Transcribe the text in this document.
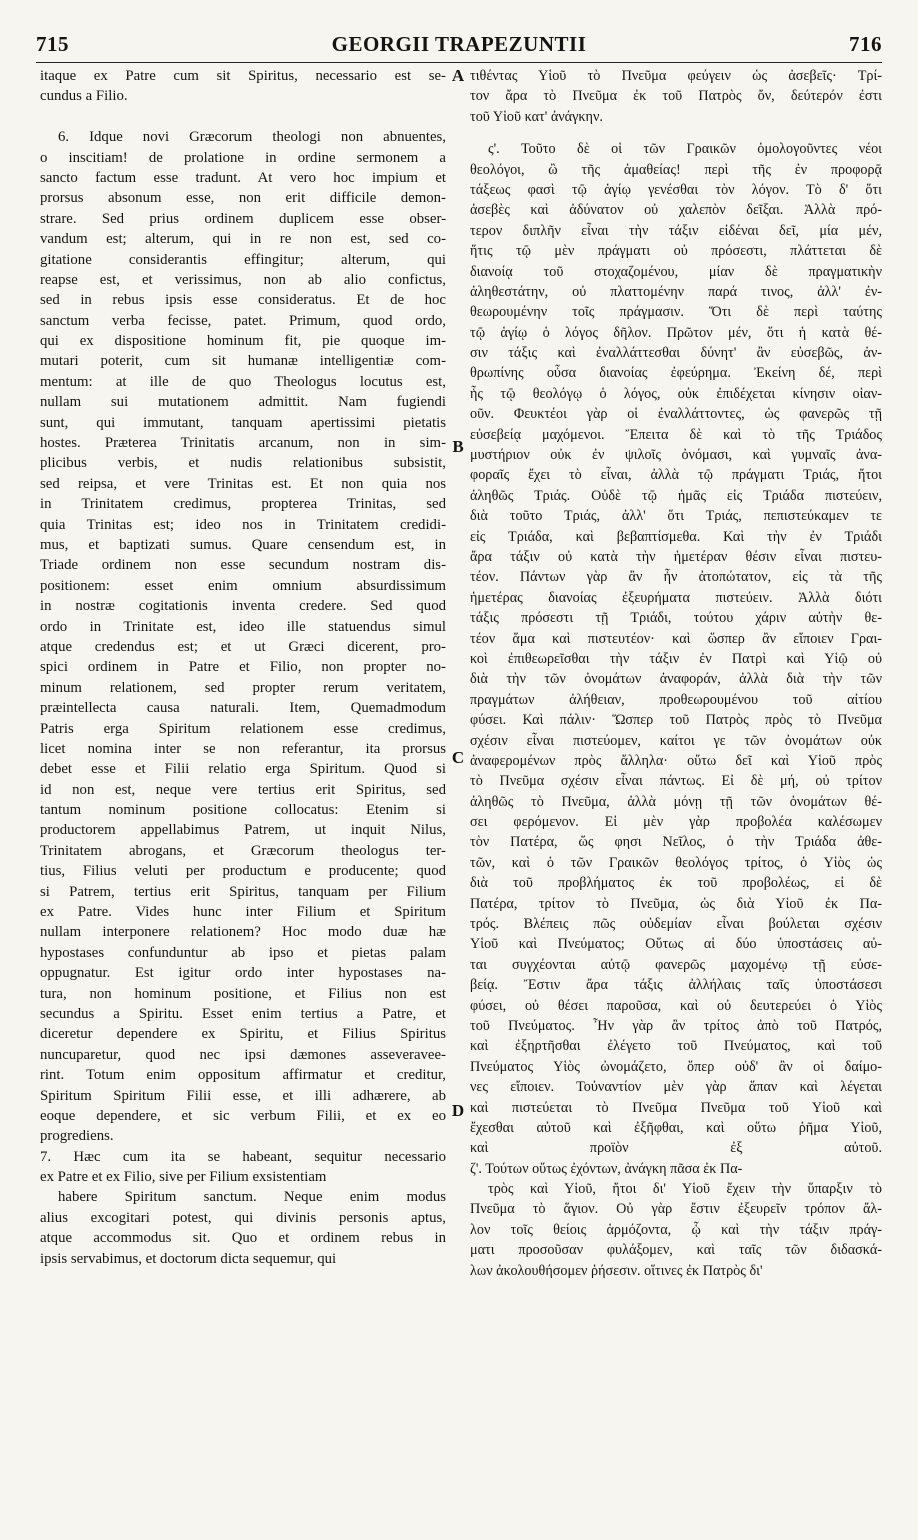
715	GEORGII TRAPEZUNTII	716
A
B
C
D
itaque ex Patre cum sit Spiritus, necessario est se-
cundus a Filio.
6. Idque novi Græcorum theologi non abnuentes,
o inscitiam! de prolatione in ordine sermonem a
sancto factum esse tradunt. At vero hoc impium et
prorsus absonum esse, non erit difficile demon-
strare. Sed prius ordinem duplicem esse obser-
vandum est; alterum, qui in re non est, sed co-
gitatione considerantis effingitur; alterum, qui
reapse est, et verissimus, non ab alio confictus,
sed in rebus ipsis esse consideratus. Et de hoc
sanctum verba fecisse, patet. Primum, quod ordo,
qui ex dispositione hominum fit, pie quoque im-
mutari poterit, cum sit humanæ intelligentiæ com-
mentum: at ille de quo Theologus locutus est,
nullam sui mutationem admittit. Nam fugiendi
sunt, qui immutant, tanquam apertissimi pietatis
hostes. Præterea Trinitatis arcanum, non in sim-
plicibus verbis, et nudis relationibus subsistit,
sed reipsa, et vere Trinitas est. Et non quia nos
in Trinitatem credimus, propterea Trinitas, sed
quia Trinitas est; ideo nos in Trinitatem credidi-
mus, et baptizati sumus. Quare censendum est, in
Triade ordinem non esse secundum nostram dis-
positionem: esset enim omnium absurdissimum
in nostræ cogitationis inventa credere. Sed quod
ordo in Trinitate est, ideo ille statuendus simul
atque credendus est; et ut Græci dicerent, pro-
spici ordinem in Patre et Filio, non propter no-
minum relationem, sed propter rerum veritatem,
præintellecta causa naturali. Item, Quemadmodum
Patris erga Spiritum relationem esse credimus,
licet nomina inter se non referantur, ita prorsus
debet esse et Filii relatio erga Spiritum. Quod si
id non est, neque vere tertius erit Spiritus, sed
tantum nominum positione collocatus: Etenim si
productorem appellabimus Patrem, ut inquit Nilus,
Trinitatem abrogans, et Græcorum theologus ter-
tius, Filius veluti per productum e producente; quod
si Patrem, tertius erit Spiritus, tanquam per Filium
ex Patre. Vides hunc inter Filium et Spiritum
nullam interponere relationem? Hoc modo duæ hæ
hypostases confunduntur ab ipso et pietas palam
oppugnatur. Est igitur ordo inter hypostases na-
tura, non hominum positione, et Filius non est
secundus a Spiritu. Esset enim tertius a Patre, et
diceretur dependere ex Spiritu, et Filius Spiritus
nuncuparetur, quod nec ipsi dæmones asseveravee-
rint. Totum enim oppositum affirmatur et creditur,
Spiritum Spiritum Filii esse, et illi adhærere, ab
eoque dependere, et sic verbum Filii, et ex eo
progrediens.
7. Hæc cum ita se habeant, sequitur necessario
ex Patre et ex Filio, sive per Filium exsistentiam
habere Spiritum sanctum. Neque enim modus
alius excogitari potest, qui divinis personis aptus,
atque accommodus sit. Quo et ordinem rebus in
ipsis servabimus, et doctorum dicta sequemur, qui
τιθέντας Υἱοῦ τὸ Πνεῦμα φεύγειν ὡς ἀσεβεῖς· Τρί-
τον ἄρα τὸ Πνεῦμα ἐκ τοῦ Πατρὸς ὄν, δεύτερόν ἐστι
τοῦ Υἱοῦ κατ' ἀνάγκην.
ς'. Τοῦτο δὲ οἱ τῶν Γραικῶν ὁμολογοῦντες νέοι
θεολόγοι, ὢ τῆς ἀμαθείας! περὶ τῆς ἐν προφορᾷ
τάξεως φασὶ τῷ ἁγίῳ γενέσθαι τὸν λόγον. Τὸ δ' ὅτι
ἀσεβὲς καὶ ἀδύνατον οὐ χαλεπὸν δεῖξαι. Ἀλλὰ πρό-
τερον διπλῆν εἶναι τὴν τάξιν εἰδέναι δεῖ, μία μέν,
ἥτις τῷ μὲν πράγματι οὐ πρόσεστι, πλάττεται δὲ
διανοίᾳ τοῦ στοχαζομένου, μίαν δὲ πραγματικὴν
ἀληθεστάτην, οὐ πλαττομένην παρά τινος, ἀλλ' ἐν-
θεωρουμένην τοῖς πράγμασιν. Ὅτι δὲ περὶ ταύτης
τῷ ἁγίῳ ὁ λόγος δῆλον. Πρῶτον μέν, ὅτι ἡ κατὰ θέ-
σιν τάξις καὶ ἐναλλάττεσθαι δύνητ' ἂν εὐσεβῶς, ἀν-
θρωπίνης οὖσα διανοίας ἐφεύρημα. Ἐκείνη δέ, περὶ
ἧς τῷ θεολόγῳ ὁ λόγος, οὐκ ἐπιδέχεται κίνησιν οἱαν-
οῦν. Φευκτέοι γὰρ οἱ ἐναλλάττοντες, ὡς φανερῶς τῇ
εὐσεβείᾳ μαχόμενοι. Ἔπειτα δὲ καὶ τὸ τῆς Τριάδος
μυστήριον οὐκ ἐν ψιλοῖς ὀνόμασι, καὶ γυμναῖς ἀνα-
φοραῖς ἔχει τὸ εἶναι, ἀλλὰ τῷ πράγματι Τριάς, ἤτοι
ἀληθῶς Τριάς. Οὐδὲ τῷ ἡμᾶς εἰς Τριάδα πιστεύειν,
διὰ τοῦτο Τριάς, ἀλλ' ὅτι Τριάς, πεπιστεύκαμεν τε
εἰς Τριάδα, καὶ βεβαπτίσμεθα. Καὶ τὴν ἐν Τριάδι
ἄρα τάξιν οὐ κατὰ τὴν ἡμετέραν θέσιν εἶναι πιστευ-
τέον. Πάντων γὰρ ἂν ἦν ἀτοπώτατον, εἰς τὰ τῆς
ἡμετέρας διανοίας ἐξευρήματα πιστεύειν. Ἀλλὰ διότι
τάξις πρόσεστι τῇ Τριάδι, τούτου χάριν αὐτὴν θε-
τέον ἅμα καὶ πιστευτέον· καὶ ὥσπερ ἂν εἴποιεν Γραι-
κοὶ ἐπιθεωρεῖσθαι τὴν τάξιν ἐν Πατρὶ καὶ Υἱῷ οὐ
διὰ τὴν τῶν ὀνομάτων ἀναφοράν, ἀλλὰ διὰ τὴν τῶν
πραγμάτων ἀλήθειαν, προθεωρουμένου τοῦ αἰτίου
φύσει. Καὶ πάλιν· Ὥσπερ τοῦ Πατρὸς πρὸς τὸ Πνεῦμα
σχέσιν εἶναι πιστεύομεν, καίτοι γε τῶν ὀνομάτων οὐκ
ἀναφερομένων πρὸς ἄλληλα· οὕτω δεῖ καὶ Υἱοῦ πρὸς
τὸ Πνεῦμα σχέσιν εἶναι πάντως. Εἰ δὲ μή, οὐ τρίτον
ἀληθῶς τὸ Πνεῦμα, ἀλλὰ μόνῃ τῇ τῶν ὀνομάτων θέ-
σει φερόμενον. Εἰ μὲν γὰρ προβολέα καλέσωμεν
τὸν Πατέρα, ὥς φησι Νεῖλος, ὁ τὴν Τριάδα ἀθε-
τῶν, καὶ ὁ τῶν Γραικῶν θεολόγος τρίτος, ὁ Υἱὸς ὡς
διὰ τοῦ προβλήματος ἐκ τοῦ προβολέως, εἰ δὲ
Πατέρα, τρίτον τὸ Πνεῦμα, ὡς διὰ Υἱοῦ ἐκ Πα-
τρός. Βλέπεις πῶς οὐδεμίαν εἶναι βούλεται σχέσιν
Υἱοῦ καὶ Πνεύματος; Οὕτως αἱ δύο ὑποστάσεις αὐ-
ται συγχέονται αὐτῷ φανερῶς μαχομένῳ τῇ εὐσε-
βείᾳ. Ἔστιν ἄρα τάξις ἀλλήλαις ταῖς ὑποστάσεσι
φύσει, οὐ θέσει παροῦσα, καὶ οὐ δευτερεύει ὁ Υἱὸς
τοῦ Πνεύματος. Ἦν γὰρ ἂν τρίτος ἀπὸ τοῦ Πατρός,
καὶ ἐξηρτῆσθαι ἐλέγετο τοῦ Πνεύματος, καὶ τοῦ
Πνεύματος Υἱὸς ὠνομάζετο, ὅπερ οὐδ' ἂν οἱ δαίμο-
νες εἴποιεν. Τοὐναντίον μὲν γὰρ ἅπαν καὶ λέγεται
καὶ πιστεύεται τὸ Πνεῦμα Πνεῦμα τοῦ Υἱοῦ καὶ
ἔχεσθαι αὐτοῦ καὶ ἐξῆφθαι, καὶ οὕτω ῥῆμα Υἱοῦ,
καὶ προϊὸν ἐξ αὐτοῦ.
ζ'. Τούτων οὕτως ἐχόντων, ἀνάγκη πᾶσα ἐκ Πα-
τρὸς καὶ Υἱοῦ, ἤτοι δι' Υἱοῦ ἔχειν τὴν ὕπαρξιν τὸ
Πνεῦμα τὸ ἅγιον. Οὐ γὰρ ἔστιν ἐξευρεῖν τρόπον ἄλ-
λον τοῖς θείοις ἁρμόζοντα, ᾧ καὶ τὴν τάξιν πράγ-
ματι προσοῦσαν φυλάξομεν, καὶ ταῖς τῶν διδασκά-
λων ἀκολουθήσομεν ῥήσεσιν. οἵτινες ἐκ Πατρὸς δι'
